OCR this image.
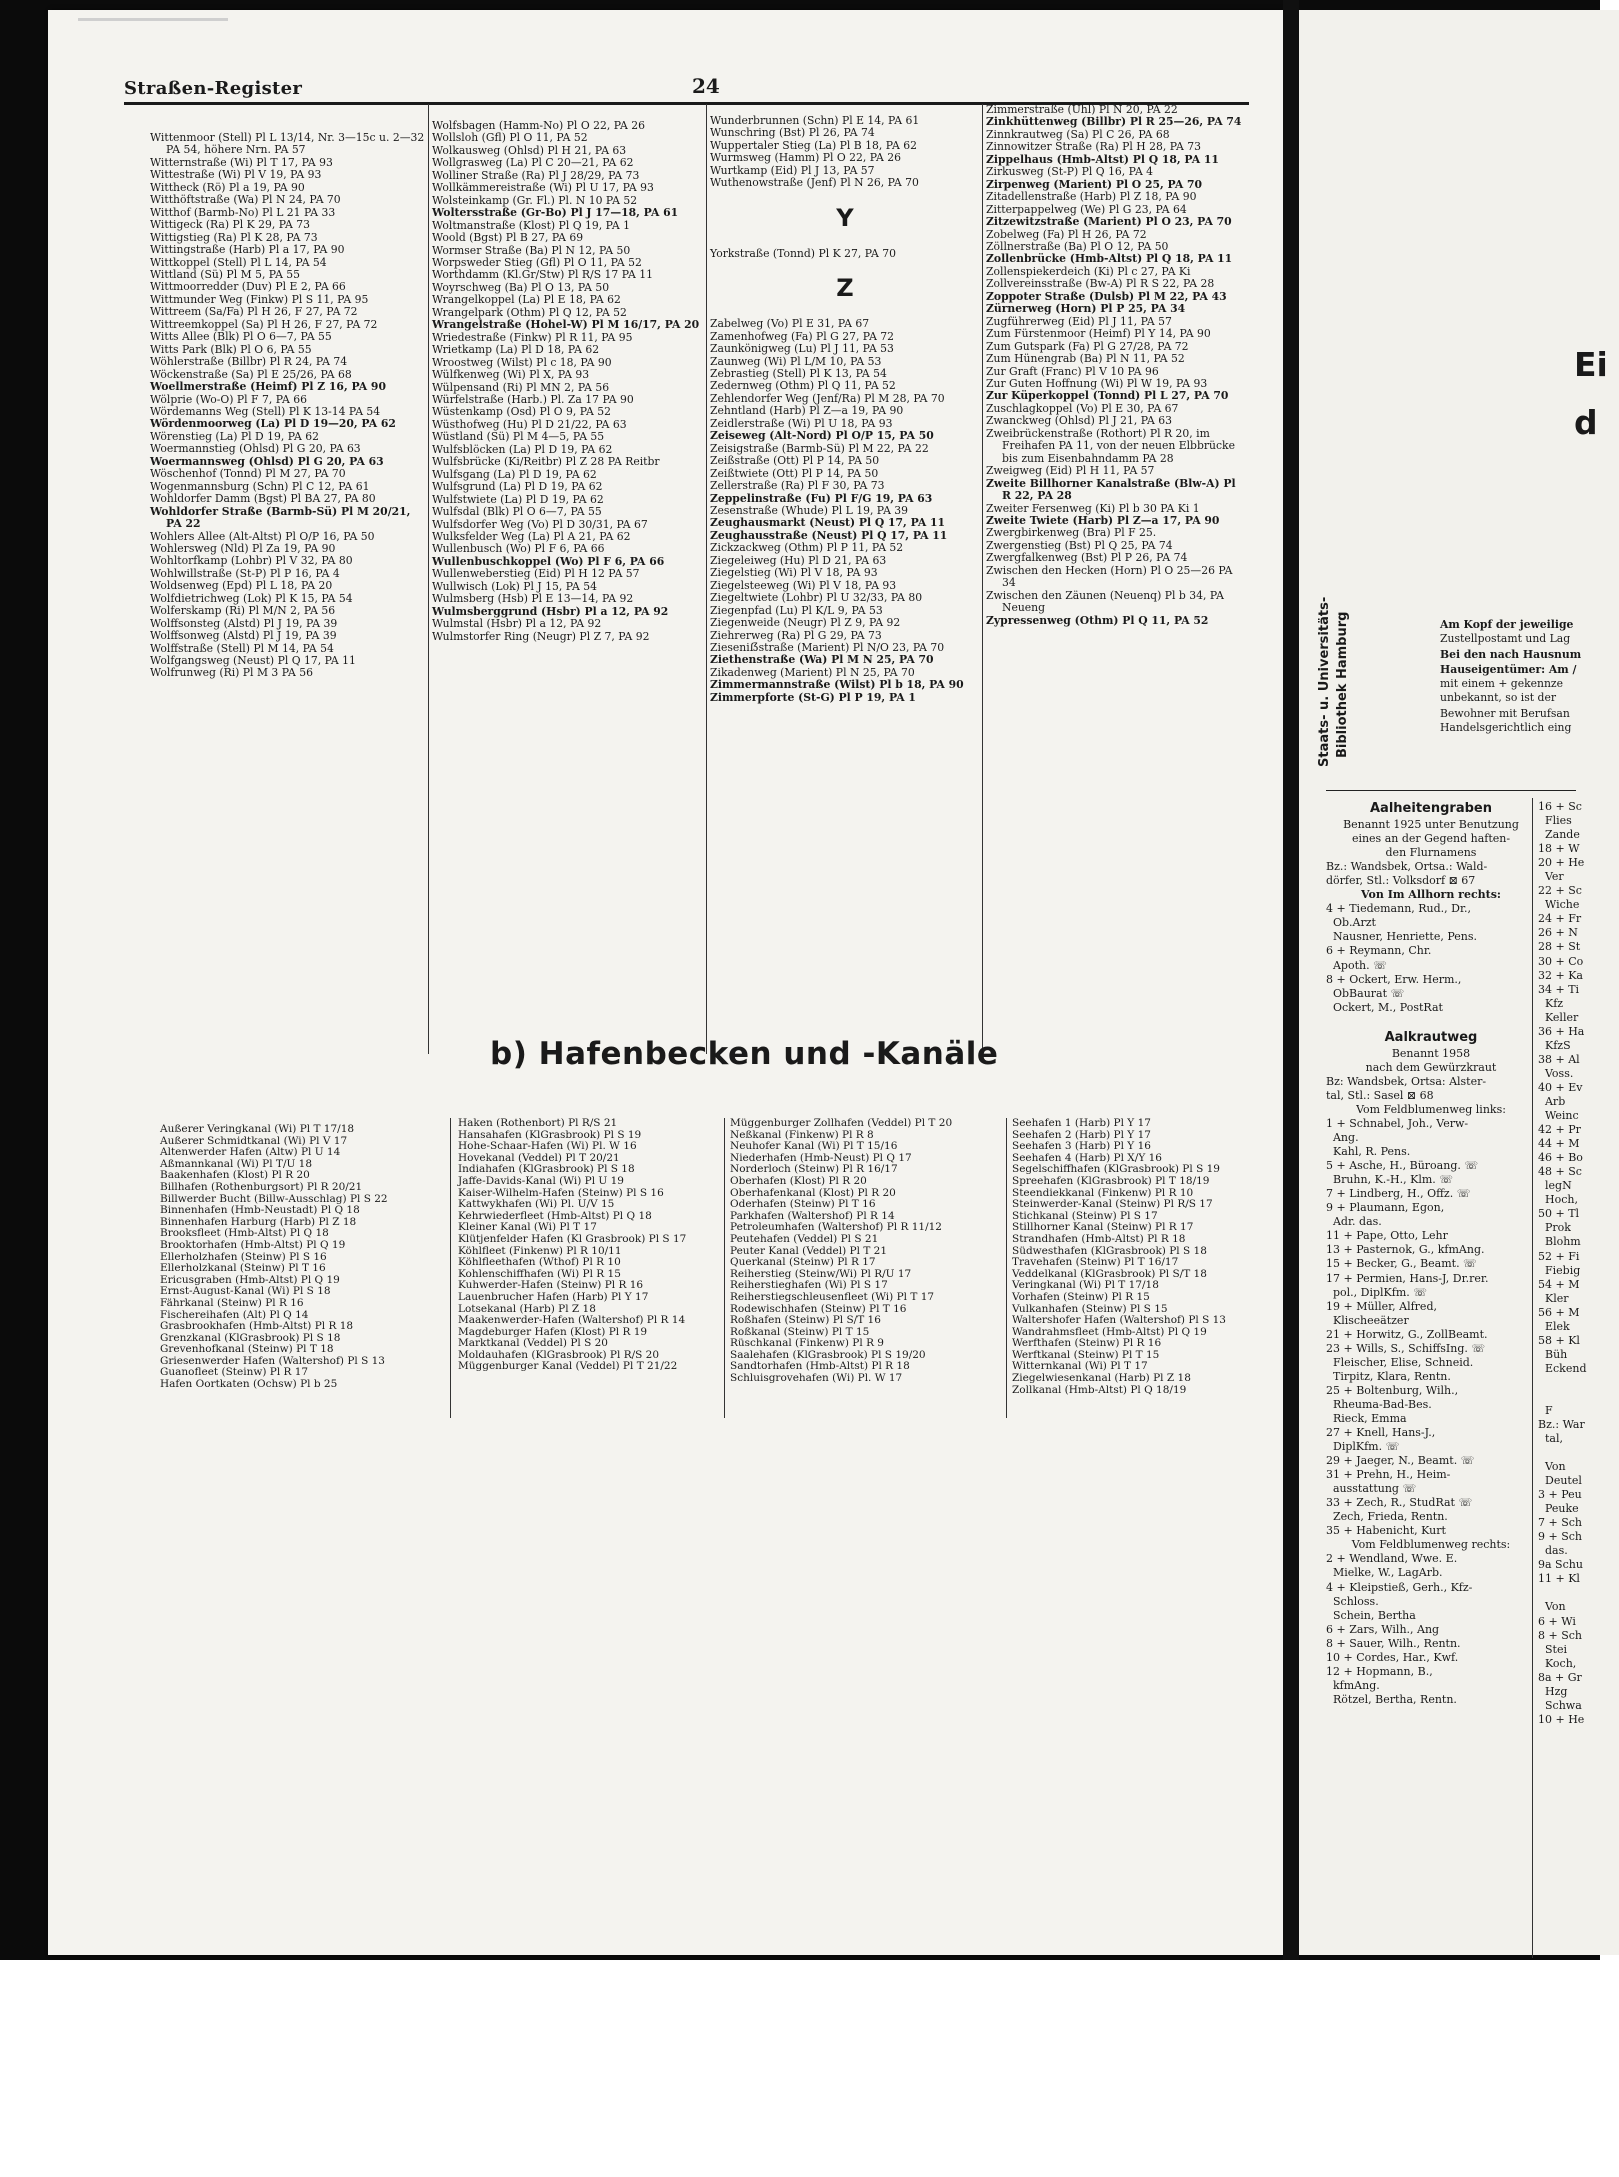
Straßen-Register	24

Wittenmoor (Stell) Pl L 13/14, Nr. 3—15c u. 2—32 PA 54, höhere Nrn. PA 57

Witternstraße (Wi) Pl T 17, PA 93

Wittestraße (Wi) Pl V 19, PA 93

Wittheck (Rö) Pl a 19, PA 90

Witthöftstraße (Wa) Pl N 24, PA 70

Witthof (Barmb-No) Pl L 21 PA 33

Wittigeck (Ra) Pl K 29, PA 73

Wittigstieg (Ra) Pl K 28, PA 73

Wittingstraße (Harb) Pl a 17, PA 90

Wittkoppel (Stell) Pl L 14, PA 54

Wittland (Sü) Pl M 5, PA 55

Wittmoorredder (Duv) Pl E 2, PA 66

Wittmunder Weg (Finkw) Pl S 11, PA 95

Wittreem (Sa/Fa) Pl H 26, F 27, PA 72

Wittreemkoppel (Sa) Pl H 26, F 27, PA 72

Witts Allee (Blk) Pl O 6—7, PA 55

Witts Park (Blk) Pl O 6, PA 55

Wöhlerstraße (Billbr) Pl R 24, PA 74

Wöckenstraße (Sa) Pl E 25/26, PA 68

Woellmerstraße (Heimf) Pl Z 16, PA 90

Wölprie (Wo-O) Pl F 7, PA 66

Wördemanns Weg (Stell) Pl K 13-14 PA 54

Wördenmoorweg (La) Pl D 19—20, PA 62

Wörenstieg (La) Pl D 19, PA 62

Woermannstieg (Ohlsd) Pl G 20, PA 63

Woermannsweg (Ohlsd) Pl G 20, PA 63

Wöschenhof (Tonnd) Pl M 27, PA 70

Wogenmannsburg (Schn) Pl C 12, PA 61

Wohldorfer Damm (Bgst) Pl BA 27, PA 80

Wohldorfer Straße (Barmb-Sü) Pl M 20/21, PA 22

Wohlers Allee (Alt-Altst) Pl O/P 16, PA 50

Wohlersweg (Nld) Pl Za 19, PA 90

Wohltorfkamp (Lohbr) Pl V 32, PA 80

Wohlwillstraße (St-P) Pl P 16, PA 4

Woldsenweg (Epd) Pl L 18, PA 20

Wolfdietrichweg (Lok) Pl K 15, PA 54

Wolferskamp (Ri) Pl M/N 2, PA 56

Wolffsonsteg (Alstd) Pl J 19, PA 39

Wolffsonweg (Alstd) Pl J 19, PA 39

Wolffstraße (Stell) Pl M 14, PA 54

Wolfgangsweg (Neust) Pl Q 17, PA 11

Wolfrunweg (Ri) Pl M 3 PA 56

Wolfsbagen (Hamm-No) Pl O 22, PA 26

Wollsloh (Gfl) Pl O 11, PA 52

Wolkausweg (Ohlsd) Pl H 21, PA 63

Wollgrasweg (La) Pl C 20—21, PA 62

Wolliner Straße (Ra) Pl J 28/29, PA 73

Wollkämmereistraße (Wi) Pl U 17, PA 93

Wolsteinkamp (Gr. Fl.) Pl. N 10 PA 52

Woltersstraße (Gr-Bo) Pl J 17—18, PA 61

Woltmanstraße (Klost) Pl Q 19, PA 1

Woold (Bgst) Pl B 27, PA 69

Wormser Straße (Ba) Pl N 12, PA 50

Worpsweder Stieg (Gfl) Pl O 11, PA 52

Worthdamm (Kl.Gr/Stw) Pl R/S 17 PA 11

Woyrschweg (Ba) Pl O 13, PA 50

Wrangelkoppel (La) Pl E 18, PA 62

Wrangelpark (Othm) Pl Q 12, PA 52

Wrangelstraße (Hohel-W) Pl M 16/17, PA 20

Wriedestraße (Finkw) Pl R 11, PA 95

Wrietkamp (La) Pl D 18, PA 62

Wroostweg (Wilst) Pl c 18, PA 90

Wülfkenweg (Wi) Pl X, PA 93

Wülpensand (Ri) Pl MN 2, PA 56

Würfelstraße (Harb.) Pl. Za 17 PA 90

Wüstenkamp (Osd) Pl O 9, PA 52

Wüsthofweg (Hu) Pl D 21/22, PA 63

Wüstland (Sü) Pl M 4—5, PA 55

Wulfsblöcken (La) Pl D 19, PA 62

Wulfsbrücke (Ki/Reitbr) Pl Z 28 PA Reitbr

Wulfsgang (La) Pl D 19, PA 62

Wulfsgrund (La) Pl D 19, PA 62

Wulfstwiete (La) Pl D 19, PA 62

Wulfsdal (Blk) Pl O 6—7, PA 55

Wulfsdorfer Weg (Vo) Pl D 30/31, PA 67

Wulksfelder Weg (La) Pl A 21, PA 62

Wullenbusch (Wo) Pl F 6, PA 66

Wullenbuschkoppel (Wo) Pl F 6, PA 66

Wullenweberstieg (Eid) Pl H 12 PA 57

Wullwisch (Lok) Pl J 15, PA 54

Wulmsberg (Hsb) Pl E 13—14, PA 92

Wulmsberggrund (Hsbr) Pl a 12, PA 92

Wulmstal (Hsbr) Pl a 12, PA 92

Wulmstorfer Ring (Neugr) Pl Z 7, PA 92

Wunderbrunnen (Schn) Pl E 14, PA 61

Wunschring (Bst) Pl 26, PA 74

Wuppertaler Stieg (La) Pl B 18, PA 62

Wurmsweg (Hamm) Pl O 22, PA 26

Wurtkamp (Eid) Pl J 13, PA 57

Wuthenowstraße (Jenf) Pl N 26, PA 70

Y

Yorkstraße (Tonnd) Pl K 27, PA 70

Z

Zabelweg (Vo) Pl E 31, PA 67

Zamenhofweg (Fa) Pl G 27, PA 72

Zaunkönigweg (Lu) Pl J 11, PA 53

Zaunweg (Wi) Pl L/M 10, PA 53

Zebrastieg (Stell) Pl K 13, PA 54

Zedernweg (Othm) Pl Q 11, PA 52

Zehlendorfer Weg (Jenf/Ra) Pl M 28, PA 70

Zehntland (Harb) Pl Z—a 19, PA 90

Zeidlerstraße (Wi) Pl U 18, PA 93

Zeiseweg (Alt-Nord) Pl O/P 15, PA 50

Zeisigstraße (Barmb-Sü) Pl M 22, PA 22

Zeißstraße (Ott) Pl P 14, PA 50

Zeißtwiete (Ott) Pl P 14, PA 50

Zellerstraße (Ra) Pl F 30, PA 73

Zeppelinstraße (Fu) Pl F/G 19, PA 63

Zesenstraße (Whude) Pl L 19, PA 39

Zeughausmarkt (Neust) Pl Q 17, PA 11

Zeughausstraße (Neust) Pl Q 17, PA 11

Zickzackweg (Othm) Pl P 11, PA 52

Ziegeleiweg (Hu) Pl D 21, PA 63

Ziegelstieg (Wi) Pl V 18, PA 93

Ziegelsteeweg (Wi) Pl V 18, PA 93

Ziegeltwiete (Lohbr) Pl U 32/33, PA 80

Ziegenpfad (Lu) Pl K/L 9, PA 53

Ziegenweide (Neugr) Pl Z 9, PA 92

Ziehrerweg (Ra) Pl G 29, PA 73

Zieseniẞstraße (Marient) Pl N/O 23, PA 70

Ziethenstraße (Wa) Pl M N 25, PA 70

Zikadenweg (Marient) Pl N 25, PA 70

Zimmermannstraße (Wilst) Pl b 18, PA 90

Zimmerpforte (St-G) Pl P 19, PA 1

Zimmerstraße (Uhl) Pl N 20, PA 22

Zinkhüttenweg (Billbr) Pl R 25—26, PA 74

Zinnkrautweg (Sa) Pl C 26, PA 68

Zinnowitzer Straße (Ra) Pl H 28, PA 73

Zippelhaus (Hmb-Altst) Pl Q 18, PA 11

Zirkusweg (St-P) Pl Q 16, PA 4

Zirpenweg (Marient) Pl O 25, PA 70

Zitadellenstraße (Harb) Pl Z 18, PA 90

Zitterpappelweg (We) Pl G 23, PA 64

Zitzewitzstraße (Marient) Pl O 23, PA 70

Zobelweg (Fa) Pl H 26, PA 72

Zöllnerstraße (Ba) Pl O 12, PA 50

Zollenbrücke (Hmb-Altst) Pl Q 18, PA 11

Zollenspiekerdeich (Ki) Pl c 27, PA Ki

Zollvereinsstraße (Bw-A) Pl R S 22, PA 28

Zoppoter Straße (Dulsb) Pl M 22, PA 43

Zürnerweg (Horn) Pl P 25, PA 34

Zugführerweg (Eid) Pl J 11, PA 57

Zum Fürstenmoor (Heimf) Pl Y 14, PA 90

Zum Gutspark (Fa) Pl G 27/28, PA 72

Zum Hünengrab (Ba) Pl N 11, PA 52

Zur Graft (Franc) Pl V 10 PA 96

Zur Guten Hoffnung (Wi) Pl W 19, PA 93

Zur Küperkoppel (Tonnd) Pl L 27, PA 70

Zuschlagkoppel (Vo) Pl E 30, PA 67

Zwanckweg (Ohlsd) Pl J 21, PA 63

Zweibrückenstraße (Rothort) Pl R 20, im Freihafen PA 11, von der neuen Elbbrücke bis zum Eisenbahndamm PA 28

Zweigweg (Eid) Pl H 11, PA 57

Zweite Billhorner Kanalstraße (Blw-A) Pl R 22, PA 28

Zweiter Fersenweg (Ki) Pl b 30 PA Ki 1

Zweite Twiete (Harb) Pl Z—a 17, PA 90

Zwergbirkenweg (Bra) Pl F 25.

Zwergenstieg (Bst) Pl Q 25, PA 74

Zwergfalkenweg (Bst) Pl P 26, PA 74

Zwischen den Hecken (Horn) Pl O 25—26 PA 34

Zwischen den Zäunen (Neuenq) Pl b 34, PA Neueng

Zypressenweg (Othm) Pl Q 11, PA 52

b) Hafenbecken und -Kanäle

Außerer Veringkanal (Wi) Pl T 17/18

Außerer Schmidtkanal (Wi) Pl V 17

Altenwerder Hafen (Altw) Pl U 14

Aßmannkanal (Wi) Pl T/U 18

Baakenhafen (Klost) Pl R 20

Billhafen (Rothenburgsort) Pl R 20/21

Billwerder Bucht (Billw-Ausschlag) Pl S 22

Binnenhafen (Hmb-Neustadt) Pl Q 18

Binnenhafen Harburg (Harb) Pl Z 18

Brooksfleet (Hmb-Altst) Pl Q 18

Brooktorhafen (Hmb-Altst) Pl Q 19

Ellerholzhafen (Steinw) Pl S 16

Ellerholzkanal (Steinw) Pl T 16

Ericusgraben (Hmb-Altst) Pl Q 19

Ernst-August-Kanal (Wi) Pl S 18

Fährkanal (Steinw) Pl R 16

Fischereihafen (Alt) Pl Q 14

Grasbrookhafen (Hmb-Altst) Pl R 18

Grenzkanal (KlGrasbrook) Pl S 18

Grevenhofkanal (Steinw) Pl T 18

Griesenwerder Hafen (Waltershof) Pl S 13

Guanofleet (Steinw) Pl R 17

Hafen Oortkaten (Ochsw) Pl b 25

Haken (Rothenbort) Pl R/S 21

Hansahafen (KlGrasbrook) Pl S 19

Hohe-Schaar-Hafen (Wi) Pl. W 16

Hovekanal (Veddel) Pl T 20/21

Indiahafen (KlGrasbrook) Pl S 18

Jaffe-Davids-Kanal (Wi) Pl U 19

Kaiser-Wilhelm-Hafen (Steinw) Pl S 16

Kattwykhafen (Wi) Pl. U/V 15

Kehrwiederfleet (Hmb-Altst) Pl Q 18

Kleiner Kanal (Wi) Pl T 17

Klütjenfelder Hafen (Kl Grasbrook) Pl S 17

Köhlfleet (Finkenw) Pl R 10/11

Köhlfleethafen (Wthof) Pl R 10

Kohlenschiffhafen (Wi) Pl R 15

Kuhwerder-Hafen (Steinw) Pl R 16

Lauenbrucher Hafen (Harb) Pl Y 17

Lotsekanal (Harb) Pl Z 18

Maakenwerder-Hafen (Waltershof) Pl R 14

Magdeburger Hafen (Klost) Pl R 19

Marktkanal (Veddel) Pl S 20

Moldauhafen (KlGrasbrook) Pl R/S 20

Müggenburger Kanal (Veddel) Pl T 21/22

Müggenburger Zollhafen (Veddel) Pl T 20

Neßkanal (Finkenw) Pl R 8

Neuhofer Kanal (Wi) Pl T 15/16

Niederhafen (Hmb-Neust) Pl Q 17

Norderloch (Steinw) Pl R 16/17

Oberhafen (Klost) Pl R 20

Oberhafenkanal (Klost) Pl R 20

Oderhafen (Steinw) Pl T 16

Parkhafen (Waltershof) Pl R 14

Petroleumhafen (Waltershof) Pl R 11/12

Peutehafen (Veddel) Pl S 21

Peuter Kanal (Veddel) Pl T 21

Querkanal (Steinw) Pl R 17

Reiherstieg (Steinw/Wi) Pl R/U 17

Reiherstieghafen (Wi) Pl S 17

Reiherstiegschleusenfleet (Wi) Pl T 17

Rodewischhafen (Steinw) Pl T 16

Roßhafen (Steinw) Pl S/T 16

Roßkanal (Steinw) Pl T 15

Rüschkanal (Finkenw) Pl R 9

Saalehafen (KlGrasbrook) Pl S 19/20

Sandtorhafen (Hmb-Altst) Pl R 18

Schluisgrovehafen (Wi) Pl. W 17

Seehafen 1 (Harb) Pl Y 17

Seehafen 2 (Harb) Pl Y 17

Seehafen 3 (Harb) Pl Y 16

Seehafen 4 (Harb) Pl X/Y 16

Segelschiffhafen (KlGrasbrook) Pl S 19

Spreehafen (KlGrasbrook) Pl T 18/19

Steendiekkanal (Finkenw) Pl R 10

Steinwerder-Kanal (Steinw) Pl R/S 17

Stichkanal (Steinw) Pl S 17

Stillhorner Kanal (Steinw) Pl R 17

Strandhafen (Hmb-Altst) Pl R 18

Südwesthafen (KlGrasbrook) Pl S 18

Travehafen (Steinw) Pl T 16/17

Veddelkanal (KlGrasbrook) Pl S/T 18

Veringkanal (Wi) Pl T 17/18

Vorhafen (Steinw) Pl R 15

Vulkanhafen (Steinw) Pl S 15

Waltershofer Hafen (Waltershof) Pl S 13

Wandrahmsfleet (Hmb-Altst) Pl Q 19

Werfthafen (Steinw) Pl R 16

Werftkanal (Steinw) Pl T 15

Witternkanal (Wi) Pl T 17

Ziegelwiesenkanal (Harb) Pl Z 18

Zollkanal (Hmb-Altst) Pl Q 18/19

Ei
d
Staats- u. Universitäts- Bibliothek Hamburg	Am Kopf der jeweilige
Zustellpostamt und Lag
Bei den nach Hausnum
Hauseigentümer: Am /
mit einem + gekennze
unbekannt, so ist der
Bewohner mit Berufsan
Handelsgerichtlich eing
Aalheitengraben
Benannt 1925 unter Benutzung
eines an der Gegend haften-
den Flurnamens
Bz.: Wandsbek, Ortsa.: Wald-
dörfer, Stl.: Volksdorf ⊠ 67
Von Im Allhorn rechts:
4 + Tiedemann, Rud., Dr.,
Ob.Arzt
Nausner, Henriette, Pens.
6 + Reymann, Chr.
Apoth. ☏
8 + Ockert, Erw. Herm.,
ObBaurat ☏
Ockert, M., PostRat
Aalkrautweg
Benannt 1958
nach dem Gewürzkraut
Bz: Wandsbek, Ortsa: Alster-
tal, Stl.: Sasel ⊠ 68
Vom Feldblumenweg links:
1 + Schnabel, Joh., Verw-
Ang.
Kahl, R. Pens.
5 + Asche, H., Büroang. ☏
Bruhn, K.-H., Klm. ☏
7 + Lindberg, H., Offz. ☏
9 + Plaumann, Egon,
Adr. das.
11 + Pape, Otto, Lehr
13 + Pasternok, G., kfmAng.
15 + Becker, G., Beamt. ☏
17 + Permien, Hans-J, Dr.rer.
pol., DiplKfm. ☏
19 + Müller, Alfred,
Klischeeätzer
21 + Horwitz, G., ZollBeamt.
23 + Wills, S., SchiffsIng. ☏
Fleischer, Elise, Schneid.
Tirpitz, Klara, Rentn.
25 + Boltenburg, Wilh.,
Rheuma-Bad-Bes.
Rieck, Emma
27 + Knell, Hans-J.,
DiplKfm. ☏
29 + Jaeger, N., Beamt. ☏
31 + Prehn, H., Heim-
ausstattung ☏
33 + Zech, R., StudRat ☏
Zech, Frieda, Rentn.
35 + Habenicht, Kurt
Vom Feldblumenweg rechts:
2 + Wendland, Wwe. E.
Mielke, W., LagArb.
4 + Kleipstieß, Gerh., Kfz-
Schloss.
Schein, Bertha
6 + Zars, Wilh., Ang
8 + Sauer, Wilh., Rentn.
10 + Cordes, Har., Kwf.
12 + Hopmann, B.,
kfmAng.
Rötzel, Bertha, Rentn.
16 + Sc
Flies
Zande
18 + W
20 + He
Ver
22 + Sc
Wiche
24 + Fr
26 + N
28 + St
30 + Co
32 + Ka
34 + Ti
Kfz
Keller
36 + Ha
KfzS
38 + Al
Voss.
40 + Ev
Arb
Weinc
42 + Pr
44 + M
46 + Bo
48 + Sc
legN
Hoch,
50 + Tl
Prok
Blohm
52 + Fi
Fiebig
54 + M
Kler
56 + M
Elek
58 + Kl
Büh
Eckend
F
Bz.: War
tal,
Von
Deutel
3 + Peu
Peuke
7 + Sch
9 + Sch
das.
9a Schu
11 + Kl
Von
6 + Wi
8 + Sch
Stei
Koch,
8a + Gr
Hzg
Schwa
10 + He
